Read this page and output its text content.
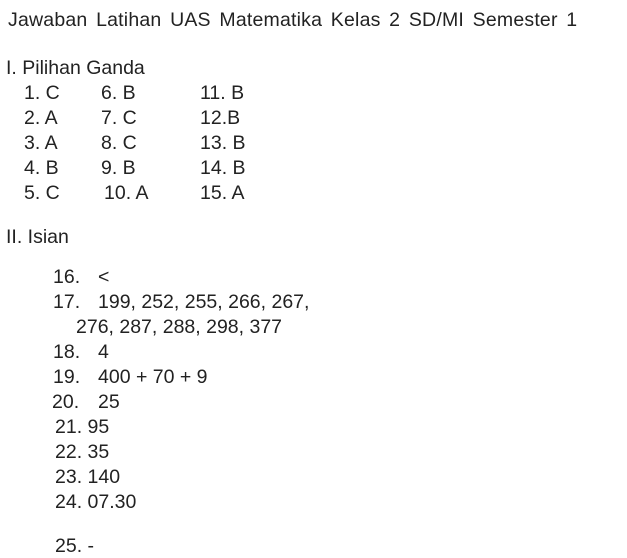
Jawaban Latihan UAS Matematika Kelas 2 SD/MI Semester 1
I. Pilihan Ganda
1. C 6. B	11. B
2. A 7. C	12.B
3. A 8. C	13. B
4. B 9. B	14. B
5. C 10. A	15. A
II. Isian
16. <
17. 199, 252, 255, 266, 267,
276, 287, 288, 298, 377
18. 4
19. 400 + 70 + 9
20. 25
21. 95
22. 35
23. 140
24. 07.30
25. -
